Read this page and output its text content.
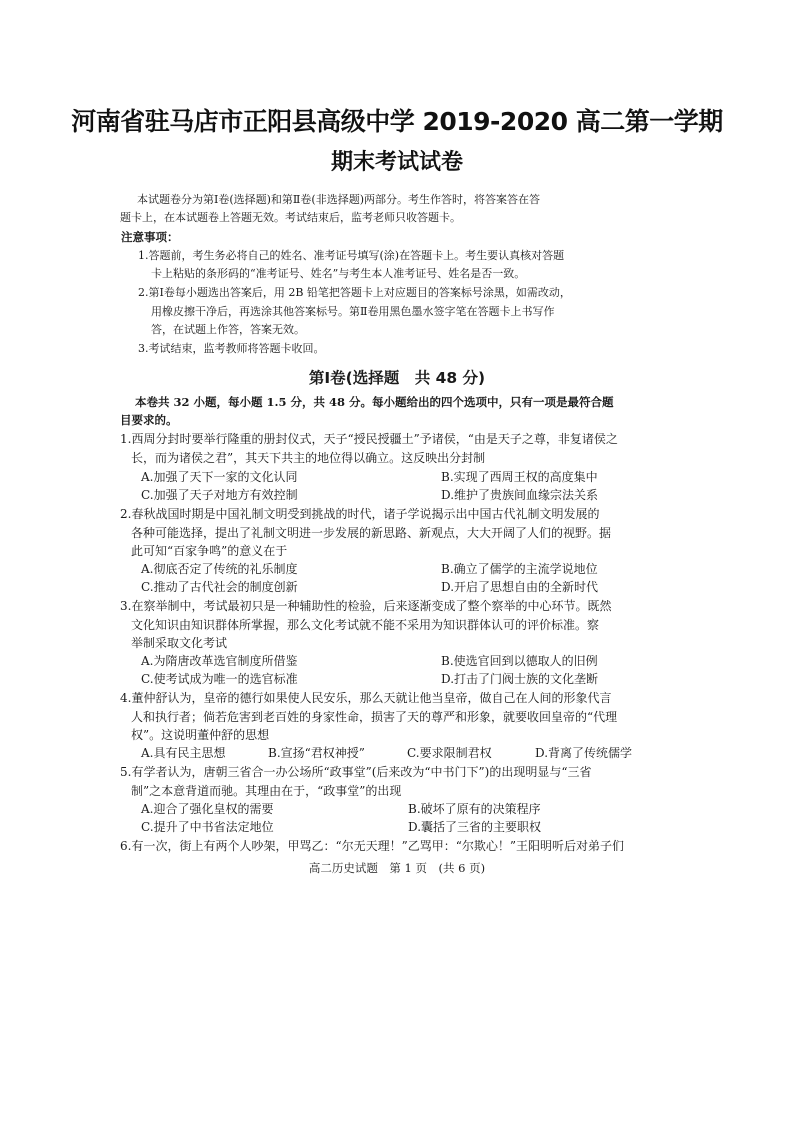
河南省驻马店市正阳县高级中学 2019-2020 高二第一学期
期末考试试卷
本试题卷分为第Ⅰ卷(选择题)和第Ⅱ卷(非选择题)两部分。考生作答时，将答案答在答
题卡上，在本试题卷上答题无效。考试结束后，监考老师只收答题卡。
注意事项：
1.答题前，考生务必将自己的姓名、准考证号填写(涂)在答题卡上。考生要认真核对答题
卡上粘贴的条形码的“准考证号、姓名”与考生本人准考证号、姓名是否一致。
2.第Ⅰ卷每小题选出答案后，用 2B 铅笔把答题卡上对应题目的答案标号涂黑，如需改动，
用橡皮擦干净后，再选涂其他答案标号。第Ⅱ卷用黑色墨水签字笔在答题卡上书写作
答，在试题上作答，答案无效。
3.考试结束，监考教师将答题卡收回。
第Ⅰ卷(选择题　共 48 分)
本卷共 32 小题，每小题 1.5 分，共 48 分。每小题给出的四个选项中，只有一项是最符合题
目要求的。
1.西周分封时要举行隆重的册封仪式，天子“授民授疆土”予诸侯，“由是天子之尊，非复诸侯之
长，而为诸侯之君”，其天下共主的地位得以确立。这反映出分封制
A.加强了天下一家的文化认同	B.实现了西周王权的高度集中
C.加强了天子对地方有效控制	D.维护了贵族间血缘宗法关系
2.春秋战国时期是中国礼制文明受到挑战的时代，诸子学说揭示出中国古代礼制文明发展的
各种可能选择，提出了礼制文明进一步发展的新思路、新观点，大大开阔了人们的视野。据
此可知“百家争鸣”的意义在于
A.彻底否定了传统的礼乐制度	B.确立了儒学的主流学说地位
C.推动了古代社会的制度创新	D.开启了思想自由的全新时代
3.在察举制中，考试最初只是一种辅助性的检验，后来逐渐变成了整个察举的中心环节。既然
文化知识由知识群体所掌握，那么文化考试就不能不采用为知识群体认可的评价标准。察
举制采取文化考试
A.为隋唐改革选官制度所借鉴	B.使选官回到以德取人的旧例
C.使考试成为唯一的选官标准	D.打击了门阀士族的文化垄断
4.董仲舒认为，皇帝的德行如果使人民安乐，那么天就让他当皇帝，做自己在人间的形象代言
人和执行者；倘若危害到老百姓的身家性命，损害了天的尊严和形象，就要收回皇帝的“代理
权”。这说明董仲舒的思想
A.具有民主思想	B.宣扬“君权神授”	C.要求限制君权	D.背离了传统儒学
5.有学者认为，唐朝三省合一办公场所“政事堂”(后来改为“中书门下”)的出现明显与“三省
制”之本意背道而驰。其理由在于，“政事堂”的出现
A.迎合了强化皇权的需要	B.破坏了原有的决策程序
C.提升了中书省法定地位	D.囊括了三省的主要职权
6.有一次，街上有两个人吵架，甲骂乙：“尔无天理！”乙骂甲：“尔欺心！”王阳明听后对弟子们
高二历史试题　第 1 页　(共 6 页)
